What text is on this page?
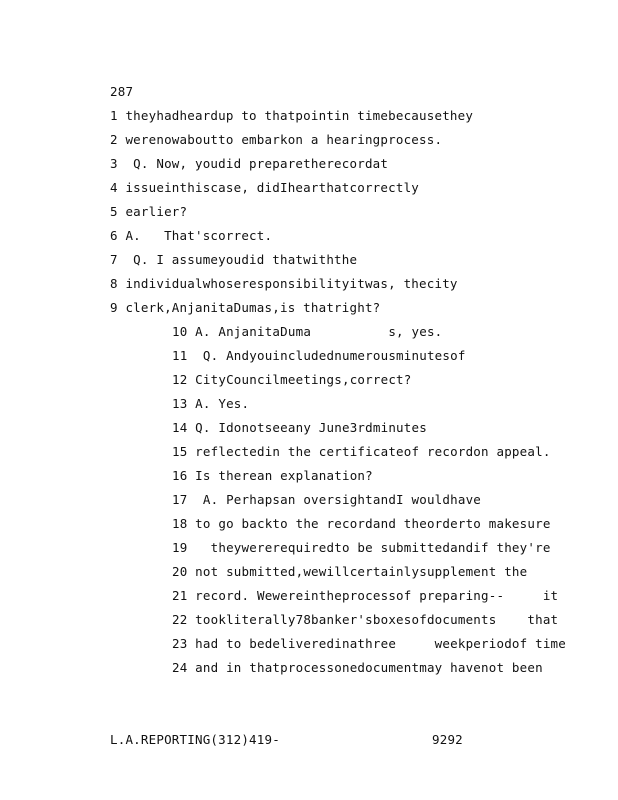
287
1 theyhadheardup to thatpointin timebecausethey
2 werenowaboutto embarkon a hearingprocess.
3  Q. Now, youdid preparetherecordat
4 issueinthiscase, didIhearthatcorrectly
5 earlier?
6 A.   That'scorrect.
7  Q. I assumeyoudid thatwiththe
8 individualwhoseresponsibilityitwas, thecity
9 clerk,AnjanitaDumas,is thatright?
10 A. AnjanitaDuma          s, yes.
11  Q. Andyouincludednumerousminutesof
12 CityCouncilmeetings,correct?
13 A. Yes.
14 Q. Idonotseeany June3rdminutes
15 reflectedin the certificateof recordon appeal.
16 Is therean explanation?
17  A. Perhapsan oversightandI wouldhave
18 to go backto the recordand theorderto makesure
19   theywererequiredto be submittedandif they're
20 not submitted,wewillcertainlysupplement the
21 record. Wewereintheprocessof preparing--     it
22 tookliterally78banker'sboxesofdocuments    that
23 had to bedeliveredinathree     weekperiodof time
24 and in thatprocessonedocumentmay havenot been
L.A.REPORTING(312)419-	9292
